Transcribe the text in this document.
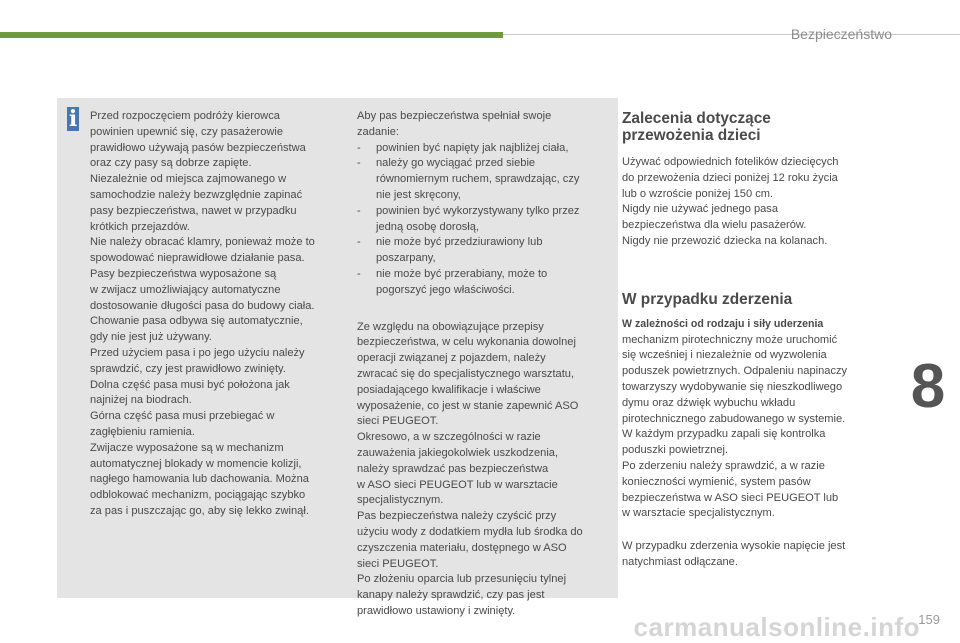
Bezpieczeństwo
i Przed rozpoczęciem podróży kierowca

powinien upewnić się, czy pasażerowie

prawidłowo używają pasów bezpieczeństwa

oraz czy pasy są dobrze zapięte.

Niezależnie od miejsca zajmowanego w

samochodzie należy bezwzględnie zapinać

pasy bezpieczeństwa, nawet w przypadku

krótkich przejazdów.

Nie należy obracać klamry, ponieważ może to

spowodować nieprawidłowe działanie pasa.

Pasy bezpieczeństwa wyposażone są

w zwijacz umożliwiający automatyczne

dostosowanie długości pasa do budowy ciała.

Chowanie pasa odbywa się automatycznie,

gdy nie jest już używany.

Przed użyciem pasa i po jego użyciu należy

sprawdzić, czy jest prawidłowo zwinięty.

Dolna część pasa musi być położona jak

najniżej na biodrach.

Górna część pasa musi przebiegać w

zagłębieniu ramienia.

Zwijacze wyposażone są w mechanizm

automatycznej blokady w momencie kolizji,

nagłego hamowania lub dachowania. Można

odblokować mechanizm, pociągając szybko

za pas i puszczając go, aby się lekko zwinął.

Aby pas bezpieczeństwa spełniał swoje

zadanie:

- powinien być napięty jak najbliżej ciała,
- należy go wyciągać przed siebie
równomiernym ruchem, sprawdzając, czy
nie jest skręcony,
- powinien być wykorzystywany tylko przez
jedną osobę dorosłą,
- nie może być przedziurawiony lub
poszarpany,
- nie może być przerabiany, może to
pogorszyć jego właściwości.

Ze względu na obowiązujące przepisy

bezpieczeństwa, w celu wykonania dowolnej

operacji związanej z pojazdem, należy

zwracać się do specjalistycznego warsztatu,

posiadającego kwalifikacje i właściwe

wyposażenie, co jest w stanie zapewnić ASO

sieci PEUGEOT.

Okresowo, a w szczególności w razie

zauważenia jakiegokolwiek uszkodzenia,

należy sprawdzać pas bezpieczeństwa

w ASO sieci PEUGEOT lub w warsztacie

specjalistycznym.

Pas bezpieczeństwa należy czyścić przy

użyciu wody z dodatkiem mydła lub środka do

czyszczenia materiału, dostępnego w ASO

sieci PEUGEOT.

Po złożeniu oparcia lub przesunięciu tylnej

kanapy należy sprawdzić, czy pas jest

prawidłowo ustawiony i zwinięty.

Zalecenia dotyczące
przewożenia dzieci

Używać odpowiednich fotelików dziecięcych

do przewożenia dzieci poniżej 12 roku życia

lub o wzroście poniżej 150 cm.

Nigdy nie używać jednego pasa

bezpieczeństwa dla wielu pasażerów.

Nigdy nie przewozić dziecka na kolanach.

W przypadku zderzenia

W zależności od rodzaju i siły uderzenia

mechanizm pirotechniczny może uruchomić

się wcześniej i niezależnie od wyzwolenia

poduszek powietrznych. Odpaleniu napinaczy

towarzyszy wydobywanie się nieszkodliwego

dymu oraz dźwięk wybuchu wkładu

pirotechnicznego zabudowanego w systemie.

W każdym przypadku zapali się kontrolka

poduszki powietrznej.

Po zderzeniu należy sprawdzić, a w razie

konieczności wymienić, system pasów

bezpieczeństwa w ASO sieci PEUGEOT lub

w warsztacie specjalistycznym.

W przypadku zderzenia wysokie napięcie jest

natychmiast odłączane.

8
carmanualsonline.info
159
